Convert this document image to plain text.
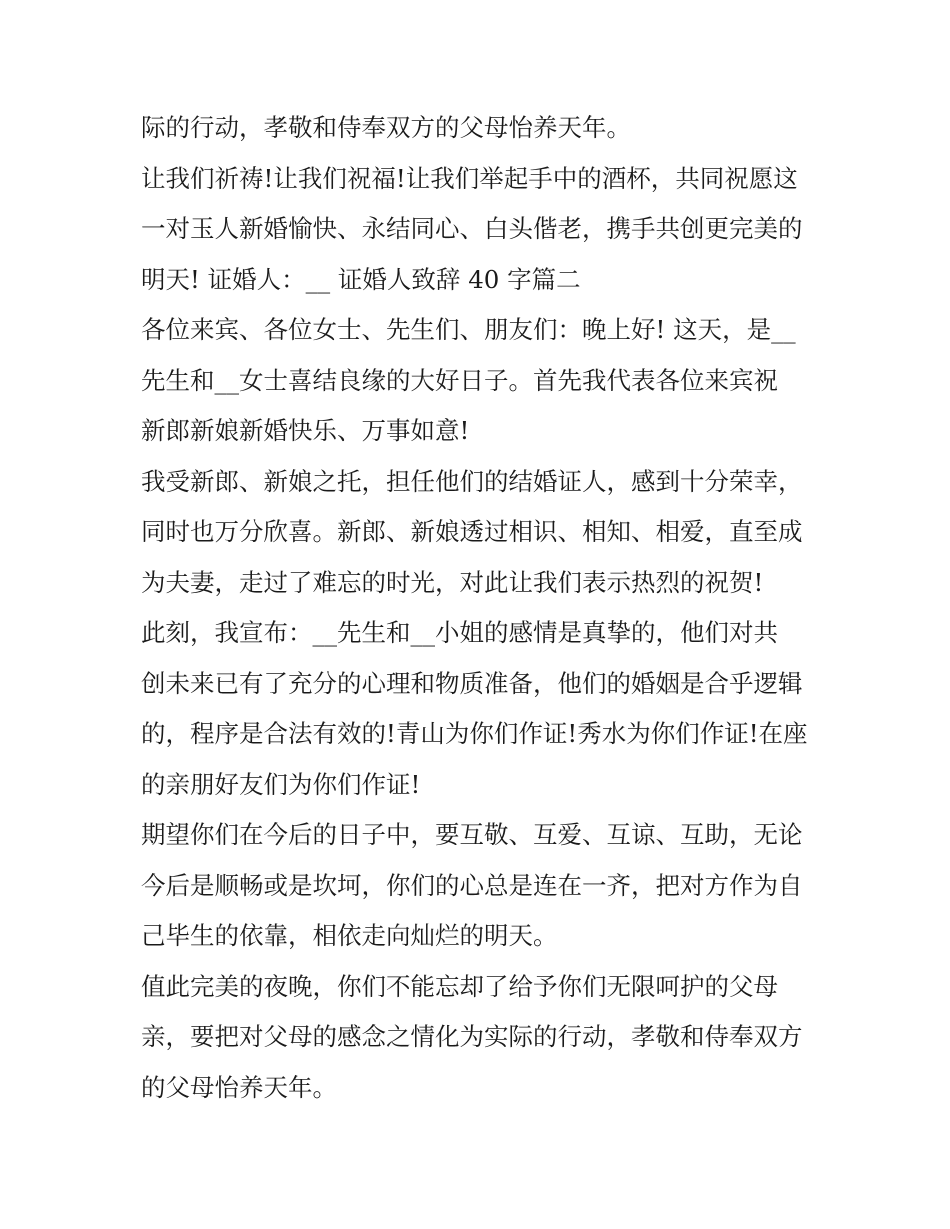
际的行动，孝敬和侍奉双方的父母怡养天年。
让我们祈祷!让我们祝福!让我们举起手中的酒杯，共同祝愿这
一对玉人新婚愉快、永结同心、白头偕老，携手共创更完美的
明天! 证婚人：__ 证婚人致辞 40 字篇二
各位来宾、各位女士、先生们、朋友们：晚上好! 这天，是__
先生和__女士喜结良缘的大好日子。首先我代表各位来宾祝
新郎新娘新婚快乐、万事如意!
我受新郎、新娘之托，担任他们的结婚证人，感到十分荣幸，
同时也万分欣喜。新郎、新娘透过相识、相知、相爱，直至成
为夫妻，走过了难忘的时光，对此让我们表示热烈的祝贺!
此刻，我宣布：__先生和__小姐的感情是真挚的，他们对共
创未来已有了充分的心理和物质准备，他们的婚姻是合乎逻辑
的，程序是合法有效的!青山为你们作证!秀水为你们作证!在座
的亲朋好友们为你们作证!
期望你们在今后的日子中，要互敬、互爱、互谅、互助，无论
今后是顺畅或是坎坷，你们的心总是连在一齐，把对方作为自
己毕生的依靠，相依走向灿烂的明天。
值此完美的夜晚，你们不能忘却了给予你们无限呵护的父母
亲，要把对父母的感念之情化为实际的行动，孝敬和侍奉双方
的父母怡养天年。
